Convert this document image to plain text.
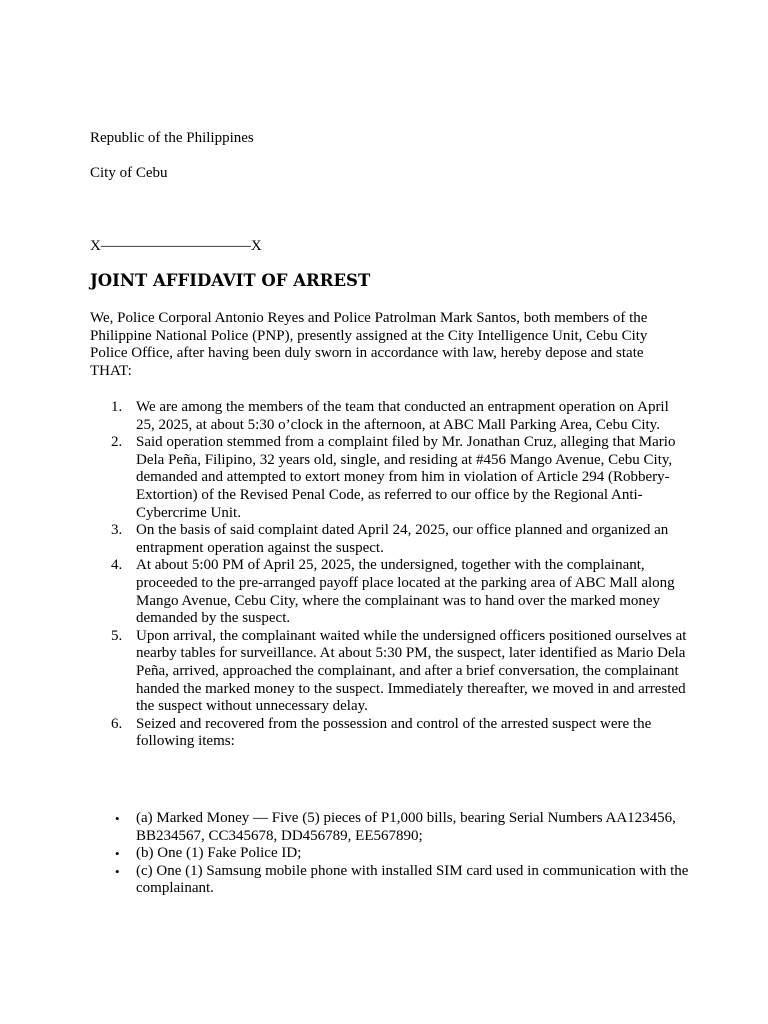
Republic of the Philippines
City of Cebu
X——————————X
JOINT AFFIDAVIT OF ARREST
We, Police Corporal Antonio Reyes and Police Patrolman Mark Santos, both members of the Philippine National Police (PNP), presently assigned at the City Intelligence Unit, Cebu City Police Office, after having been duly sworn in accordance with law, hereby depose and state THAT:
1. We are among the members of the team that conducted an entrapment operation on April 25, 2025, at about 5:30 o’clock in the afternoon, at ABC Mall Parking Area, Cebu City.
2. Said operation stemmed from a complaint filed by Mr. Jonathan Cruz, alleging that Mario Dela Peña, Filipino, 32 years old, single, and residing at #456 Mango Avenue, Cebu City, demanded and attempted to extort money from him in violation of Article 294 (Robbery-Extortion) of the Revised Penal Code, as referred to our office by the Regional Anti-Cybercrime Unit.
3. On the basis of said complaint dated April 24, 2025, our office planned and organized an entrapment operation against the suspect.
4. At about 5:00 PM of April 25, 2025, the undersigned, together with the complainant, proceeded to the pre-arranged payoff place located at the parking area of ABC Mall along Mango Avenue, Cebu City, where the complainant was to hand over the marked money demanded by the suspect.
5. Upon arrival, the complainant waited while the undersigned officers positioned ourselves at nearby tables for surveillance. At about 5:30 PM, the suspect, later identified as Mario Dela Peña, arrived, approached the complainant, and after a brief conversation, the complainant handed the marked money to the suspect. Immediately thereafter, we moved in and arrested the suspect without unnecessary delay.
6. Seized and recovered from the possession and control of the arrested suspect were the following items:
• (a) Marked Money — Five (5) pieces of P1,000 bills, bearing Serial Numbers AA123456, BB234567, CC345678, DD456789, EE567890;
• (b) One (1) Fake Police ID;
• (c) One (1) Samsung mobile phone with installed SIM card used in communication with the complainant.
